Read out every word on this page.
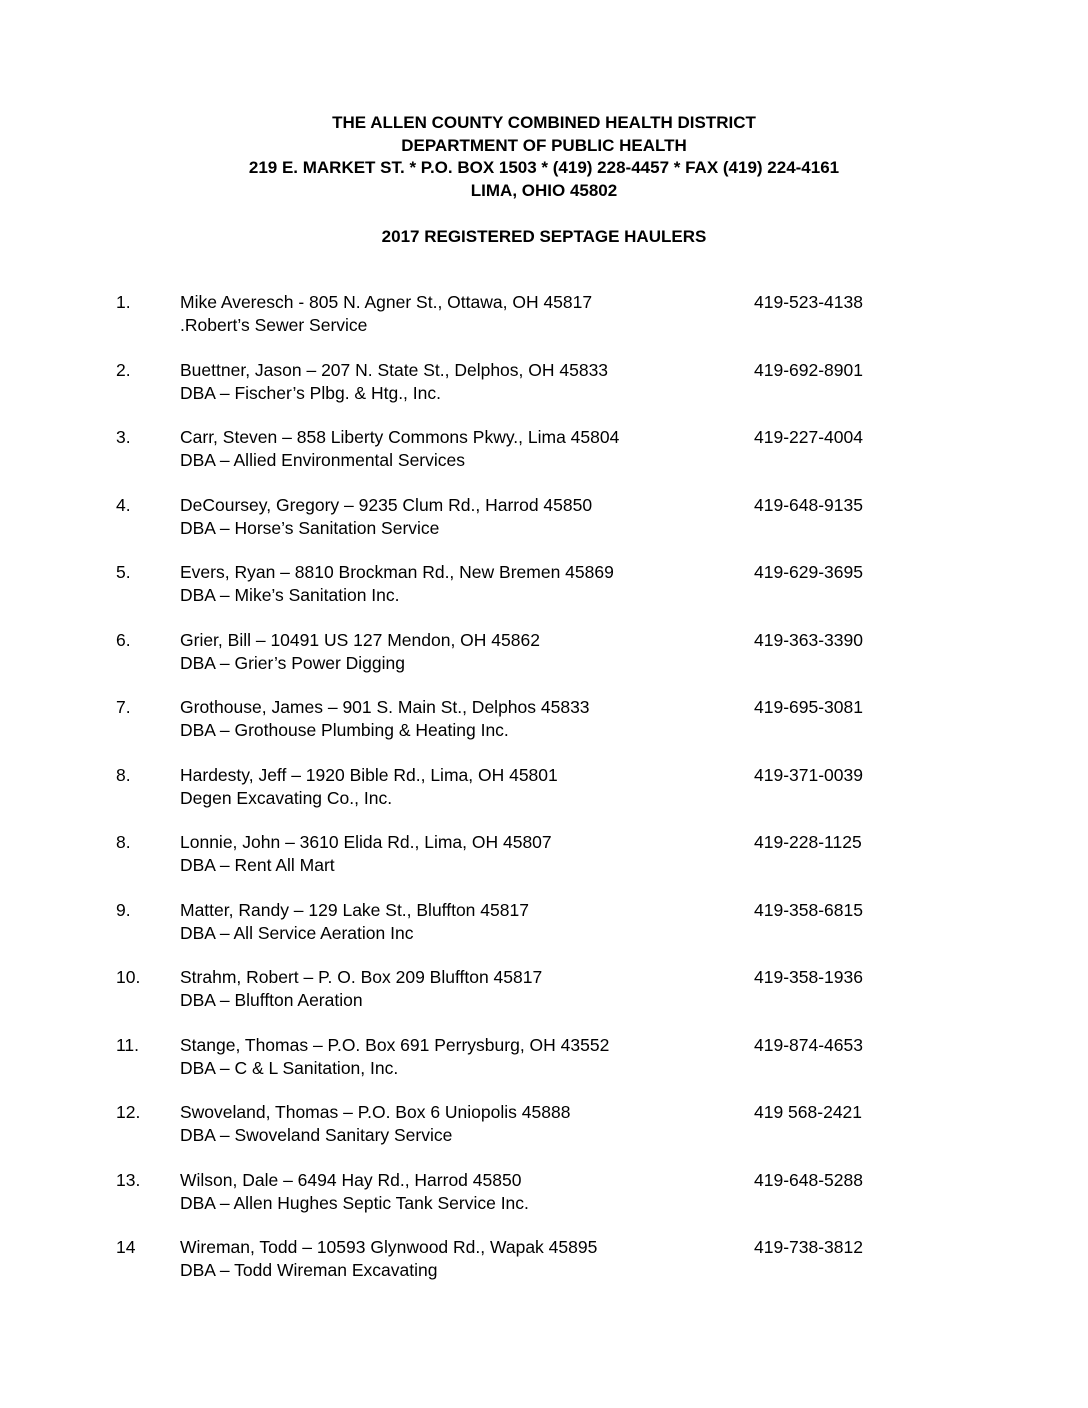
THE ALLEN COUNTY COMBINED HEALTH DISTRICT
DEPARTMENT OF PUBLIC HEALTH
219 E. MARKET ST. * P.O. BOX 1503 * (419) 228-4457 * FAX (419) 224-4161
LIMA, OHIO 45802
2017 REGISTERED SEPTAGE HAULERS
1.	Mike Averesch - 805 N. Agner St., Ottawa, OH 45817
.Robert’s Sewer Service
419-523-4138
2.	Buettner, Jason – 207 N. State St., Delphos, OH 45833
DBA – Fischer’s Plbg. & Htg., Inc.
419-692-8901
3.	Carr, Steven – 858 Liberty Commons Pkwy., Lima 45804
DBA – Allied Environmental Services
419-227-4004
4.	DeCoursey, Gregory – 9235 Clum Rd., Harrod 45850
DBA – Horse’s Sanitation Service
419-648-9135
5.	Evers, Ryan – 8810 Brockman Rd., New Bremen 45869
DBA – Mike’s Sanitation Inc.
419-629-3695
6.	Grier, Bill – 10491 US 127 Mendon, OH 45862
DBA – Grier’s Power Digging
419-363-3390
7.	Grothouse, James – 901 S. Main St., Delphos 45833
DBA – Grothouse Plumbing & Heating Inc.
419-695-3081
8.	Hardesty, Jeff – 1920 Bible Rd., Lima, OH 45801
Degen Excavating Co., Inc.
419-371-0039
8.	Lonnie, John – 3610 Elida Rd., Lima, OH 45807
DBA – Rent All Mart
419-228-1125
9.	Matter, Randy – 129 Lake St., Bluffton 45817
DBA – All Service Aeration Inc
419-358-6815
10. Strahm, Robert – P. O. Box 209 Bluffton 45817
DBA – Bluffton Aeration
419-358-1936
11. Stange, Thomas – P.O. Box 691 Perrysburg, OH 43552
DBA – C & L Sanitation, Inc.
419-874-4653
12. Swoveland, Thomas – P.O. Box 6 Uniopolis 45888
DBA – Swoveland Sanitary Service
419 568-2421
13. Wilson, Dale – 6494 Hay Rd., Harrod 45850
DBA – Allen Hughes Septic Tank Service Inc.
419-648-5288
14	Wireman, Todd – 10593 Glynwood Rd., Wapak 45895
DBA – Todd Wireman Excavating
419-738-3812
